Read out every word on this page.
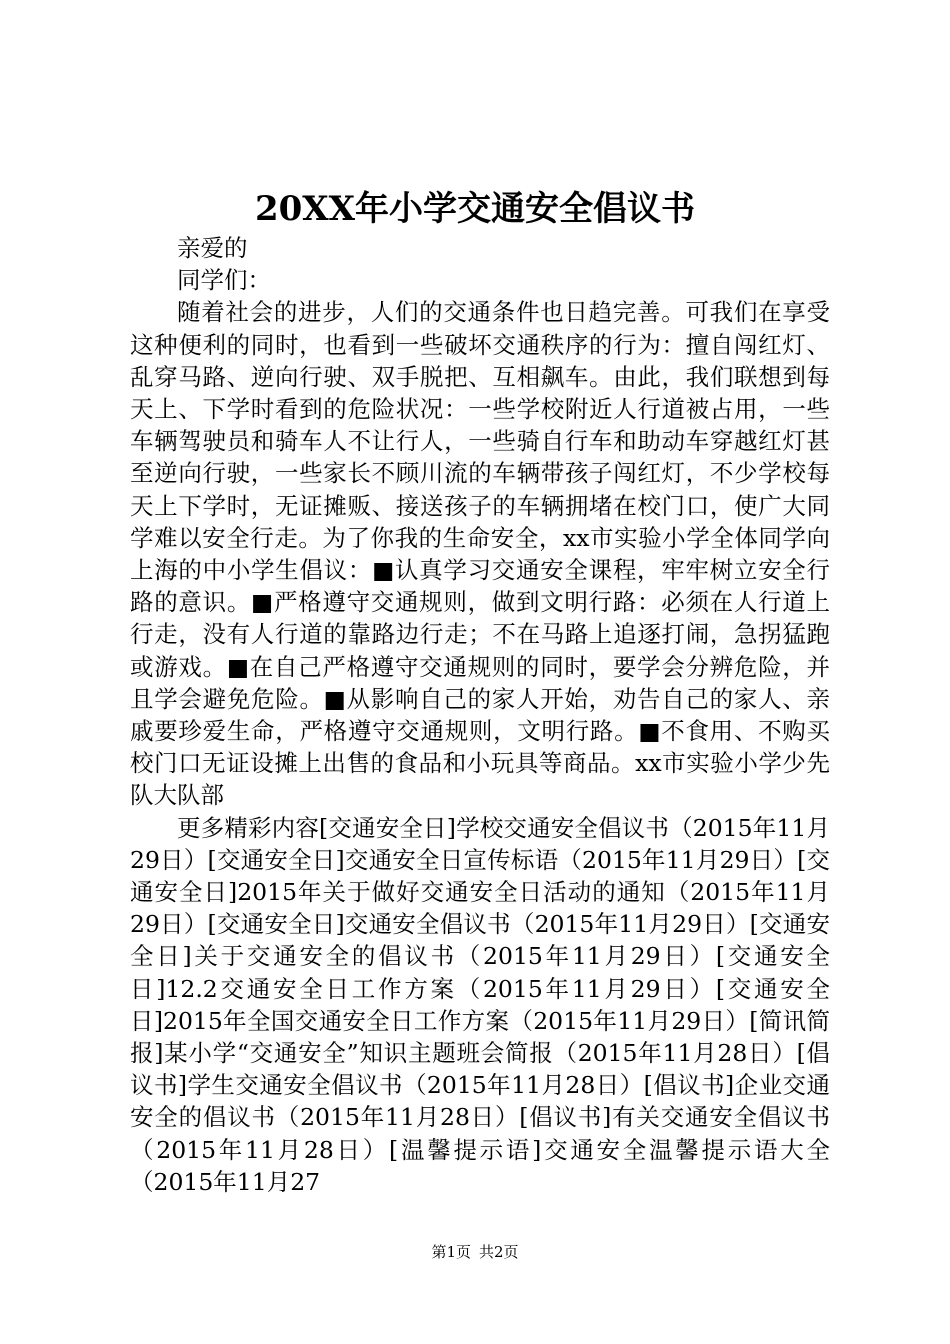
20XX年小学交通安全倡议书

亲爱的

同学们：

随着社会的进步，人们的交通条件也日趋完善。可我们在享受这种便利的同时，也看到一些破坏交通秩序的行为：擅自闯红灯、乱穿马路、逆向行驶、双手脱把、互相飙车。由此，我们联想到每天上、下学时看到的危险状况：一些学校附近人行道被占用，一些车辆驾驶员和骑车人不让行人，一些骑自行车和助动车穿越红灯甚至逆向行驶，一些家长不顾川流的车辆带孩子闯红灯，不少学校每天上下学时，无证摊贩、接送孩子的车辆拥堵在校门口，使广大同学难以安全行走。为了你我的生命安全，xx市实验小学全体同学向上海的中小学生倡议：■认真学习交通安全课程，牢牢树立安全行路的意识。■严格遵守交通规则，做到文明行路：必须在人行道上行走，没有人行道的靠路边行走；不在马路上追逐打闹，急拐猛跑或游戏。■在自己严格遵守交通规则的同时，要学会分辨危险，并且学会避免危险。■从影响自己的家人开始，劝告自己的家人、亲戚要珍爱生命，严格遵守交通规则，文明行路。■不食用、不购买校门口无证设摊上出售的食品和小玩具等商品。xx市实验小学少先队大队部

更多精彩内容[交通安全日]学校交通安全倡议书（2015年11月29日）[交通安全日]交通安全日宣传标语（2015年11月29日）[交通安全日]2015年关于做好交通安全日活动的通知（2015年11月29日）[交通安全日]交通安全倡议书（2015年11月29日）[交通安全日]关于交通安全的倡议书（2015年11月29日）[交通安全日]12.2交通安全日工作方案（2015年11月29日）[交通安全日]2015年全国交通安全日工作方案（2015年11月29日）[简讯简报]某小学“交通安全”知识主题班会简报（2015年11月28日）[倡议书]学生交通安全倡议书（2015年11月28日）[倡议书]企业交通安全的倡议书（2015年11月28日）[倡议书]有关交通安全倡议书（2015年11月28日）[温馨提示语]交通安全温馨提示语大全（2015年11月27

第1页 共2页
